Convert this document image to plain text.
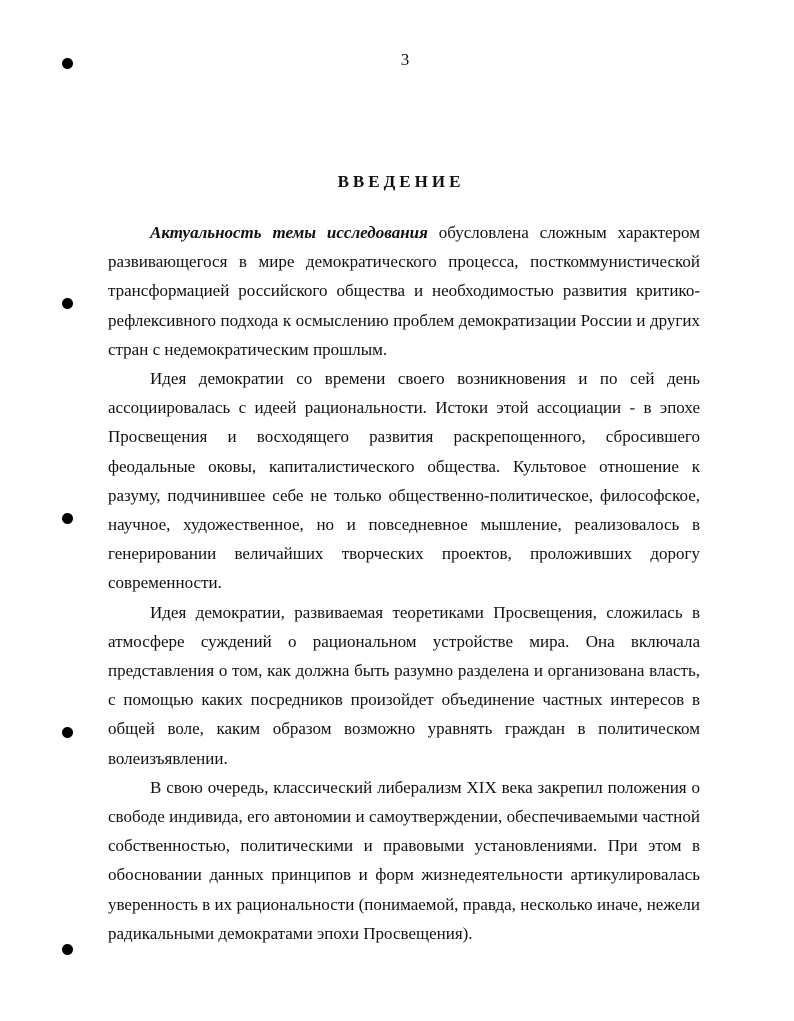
3
ВВЕДЕНИЕ

Актуальность темы исследования обусловлена сложным характером развивающегося в мире демократического процесса, посткоммунистической трансформацией российского общества и необходимостью развития критико-рефлексивного подхода к осмыслению проблем демократизации России и других стран с недемократическим прошлым.

Идея демократии со времени своего возникновения и по сей день ассоциировалась с идеей рациональности. Истоки этой ассоциации - в эпохе Просвещения и восходящего развития раскрепощенного, сбросившего феодальные оковы, капиталистического общества. Культовое отношение к разуму, подчинившее себе не только общественно-политическое, философское, научное, художественное, но и повседневное мышление, реализовалось в генерировании величайших творческих проектов, проложивших дорогу современности.

Идея демократии, развиваемая теоретиками Просвещения, сложилась в атмосфере суждений о рациональном устройстве мира. Она включала представления о том, как должна быть разумно разделена и организована власть, с помощью каких посредников произойдет объединение частных интересов в общей воле, каким образом возможно уравнять граждан в политическом волеизъявлении.

В свою очередь, классический либерализм XIX века закрепил положения о свободе индивида, его автономии и самоутверждении, обеспечиваемыми частной собственностью, политическими и правовыми установлениями. При этом в обосновании данных принципов и форм жизнедеятельности артикулировалась уверенность в их рациональности (понимаемой, правда, несколько иначе, нежели радикальными демократами эпохи Просвещения).
